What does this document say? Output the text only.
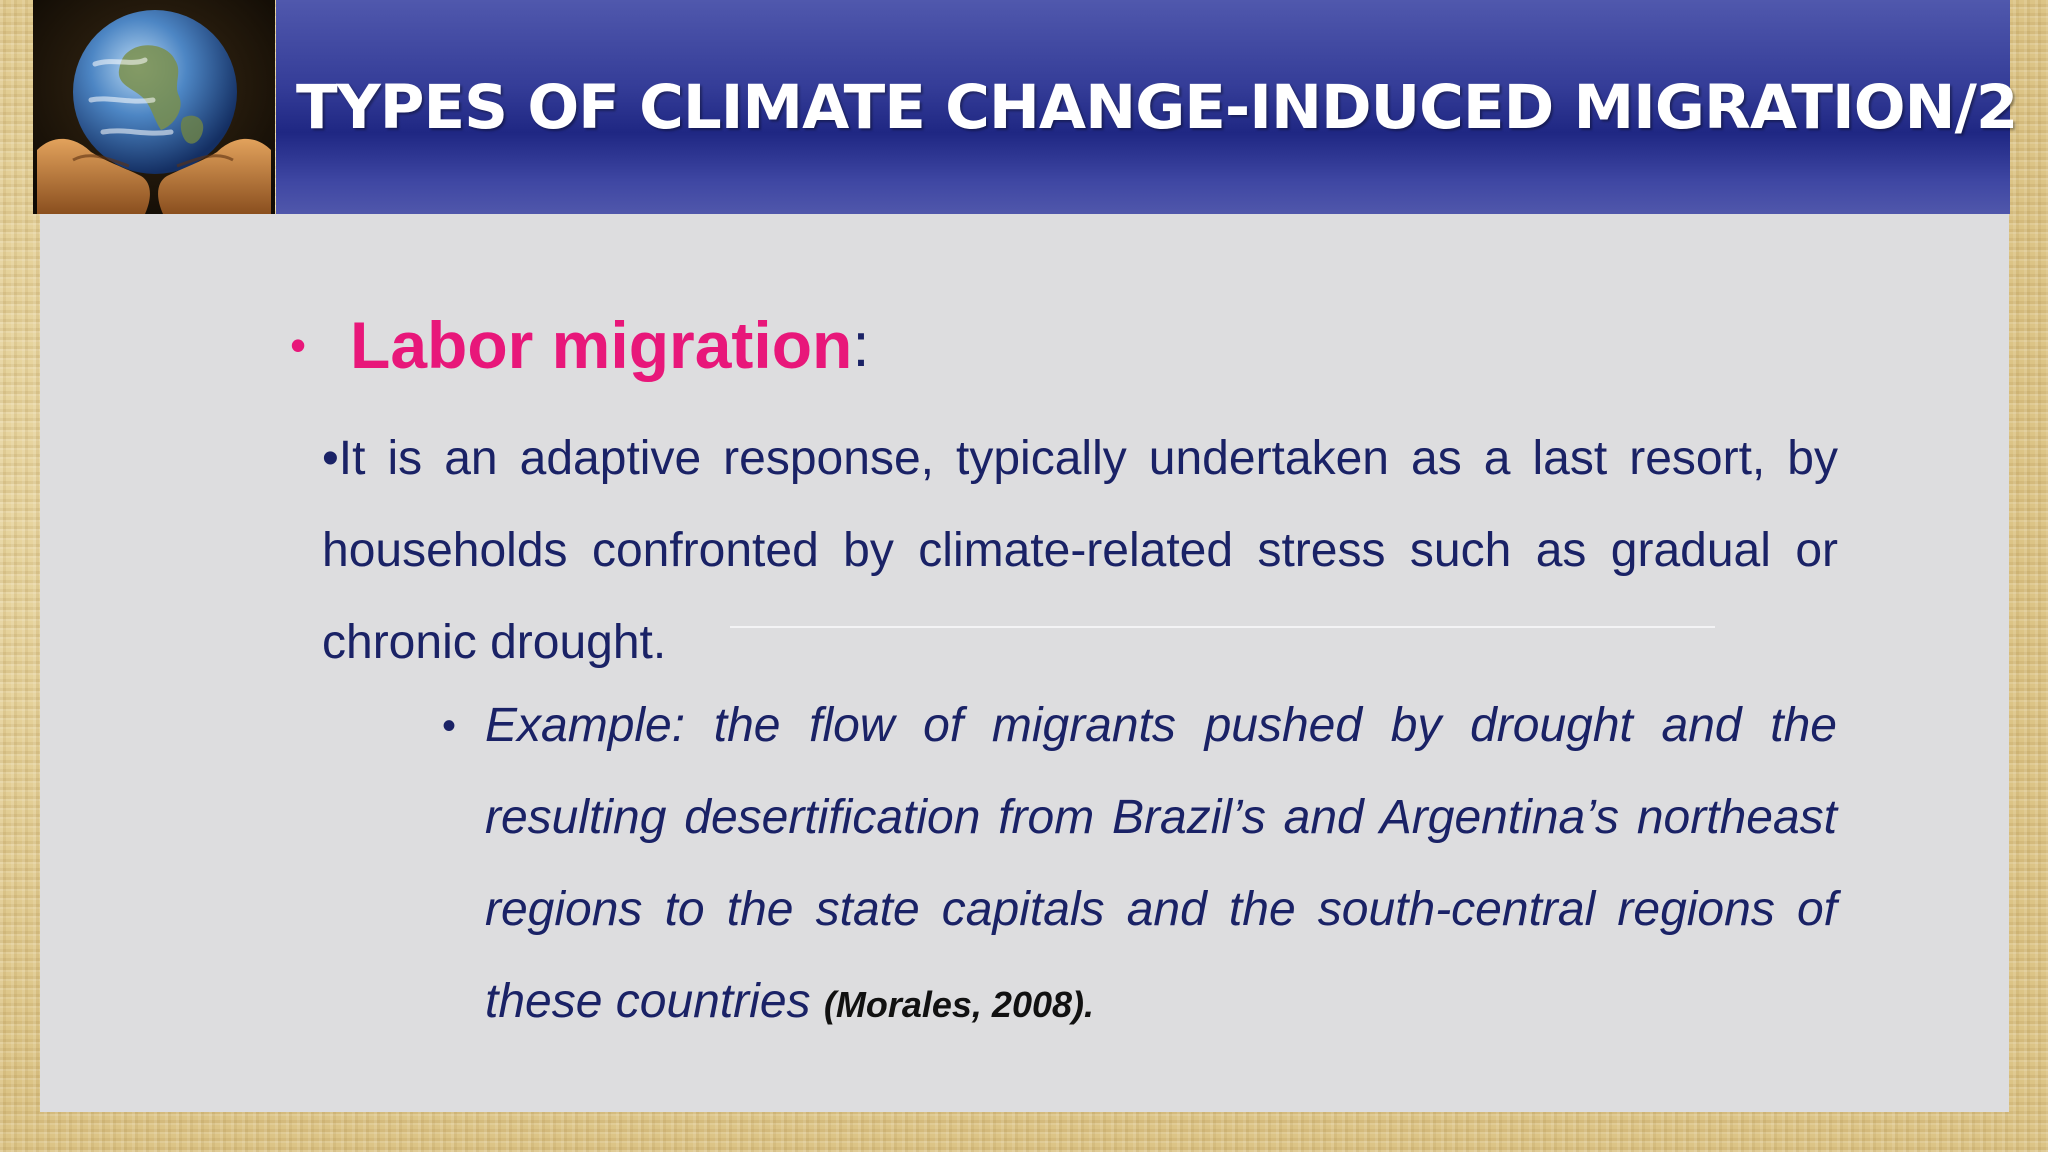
TYPES OF CLIMATE CHANGE-INDUCED MIGRATION/2
• Labor migration :
•It is an adaptive response, typically undertaken as a last resort, by households confronted by climate-related stress such as gradual or chronic drought.
• Example: the flow of migrants pushed by drought and the resulting desertification from Brazil’s and Argentina’s northeast regions to the state capitals and the south-central regions of these countries (Morales, 2008).
